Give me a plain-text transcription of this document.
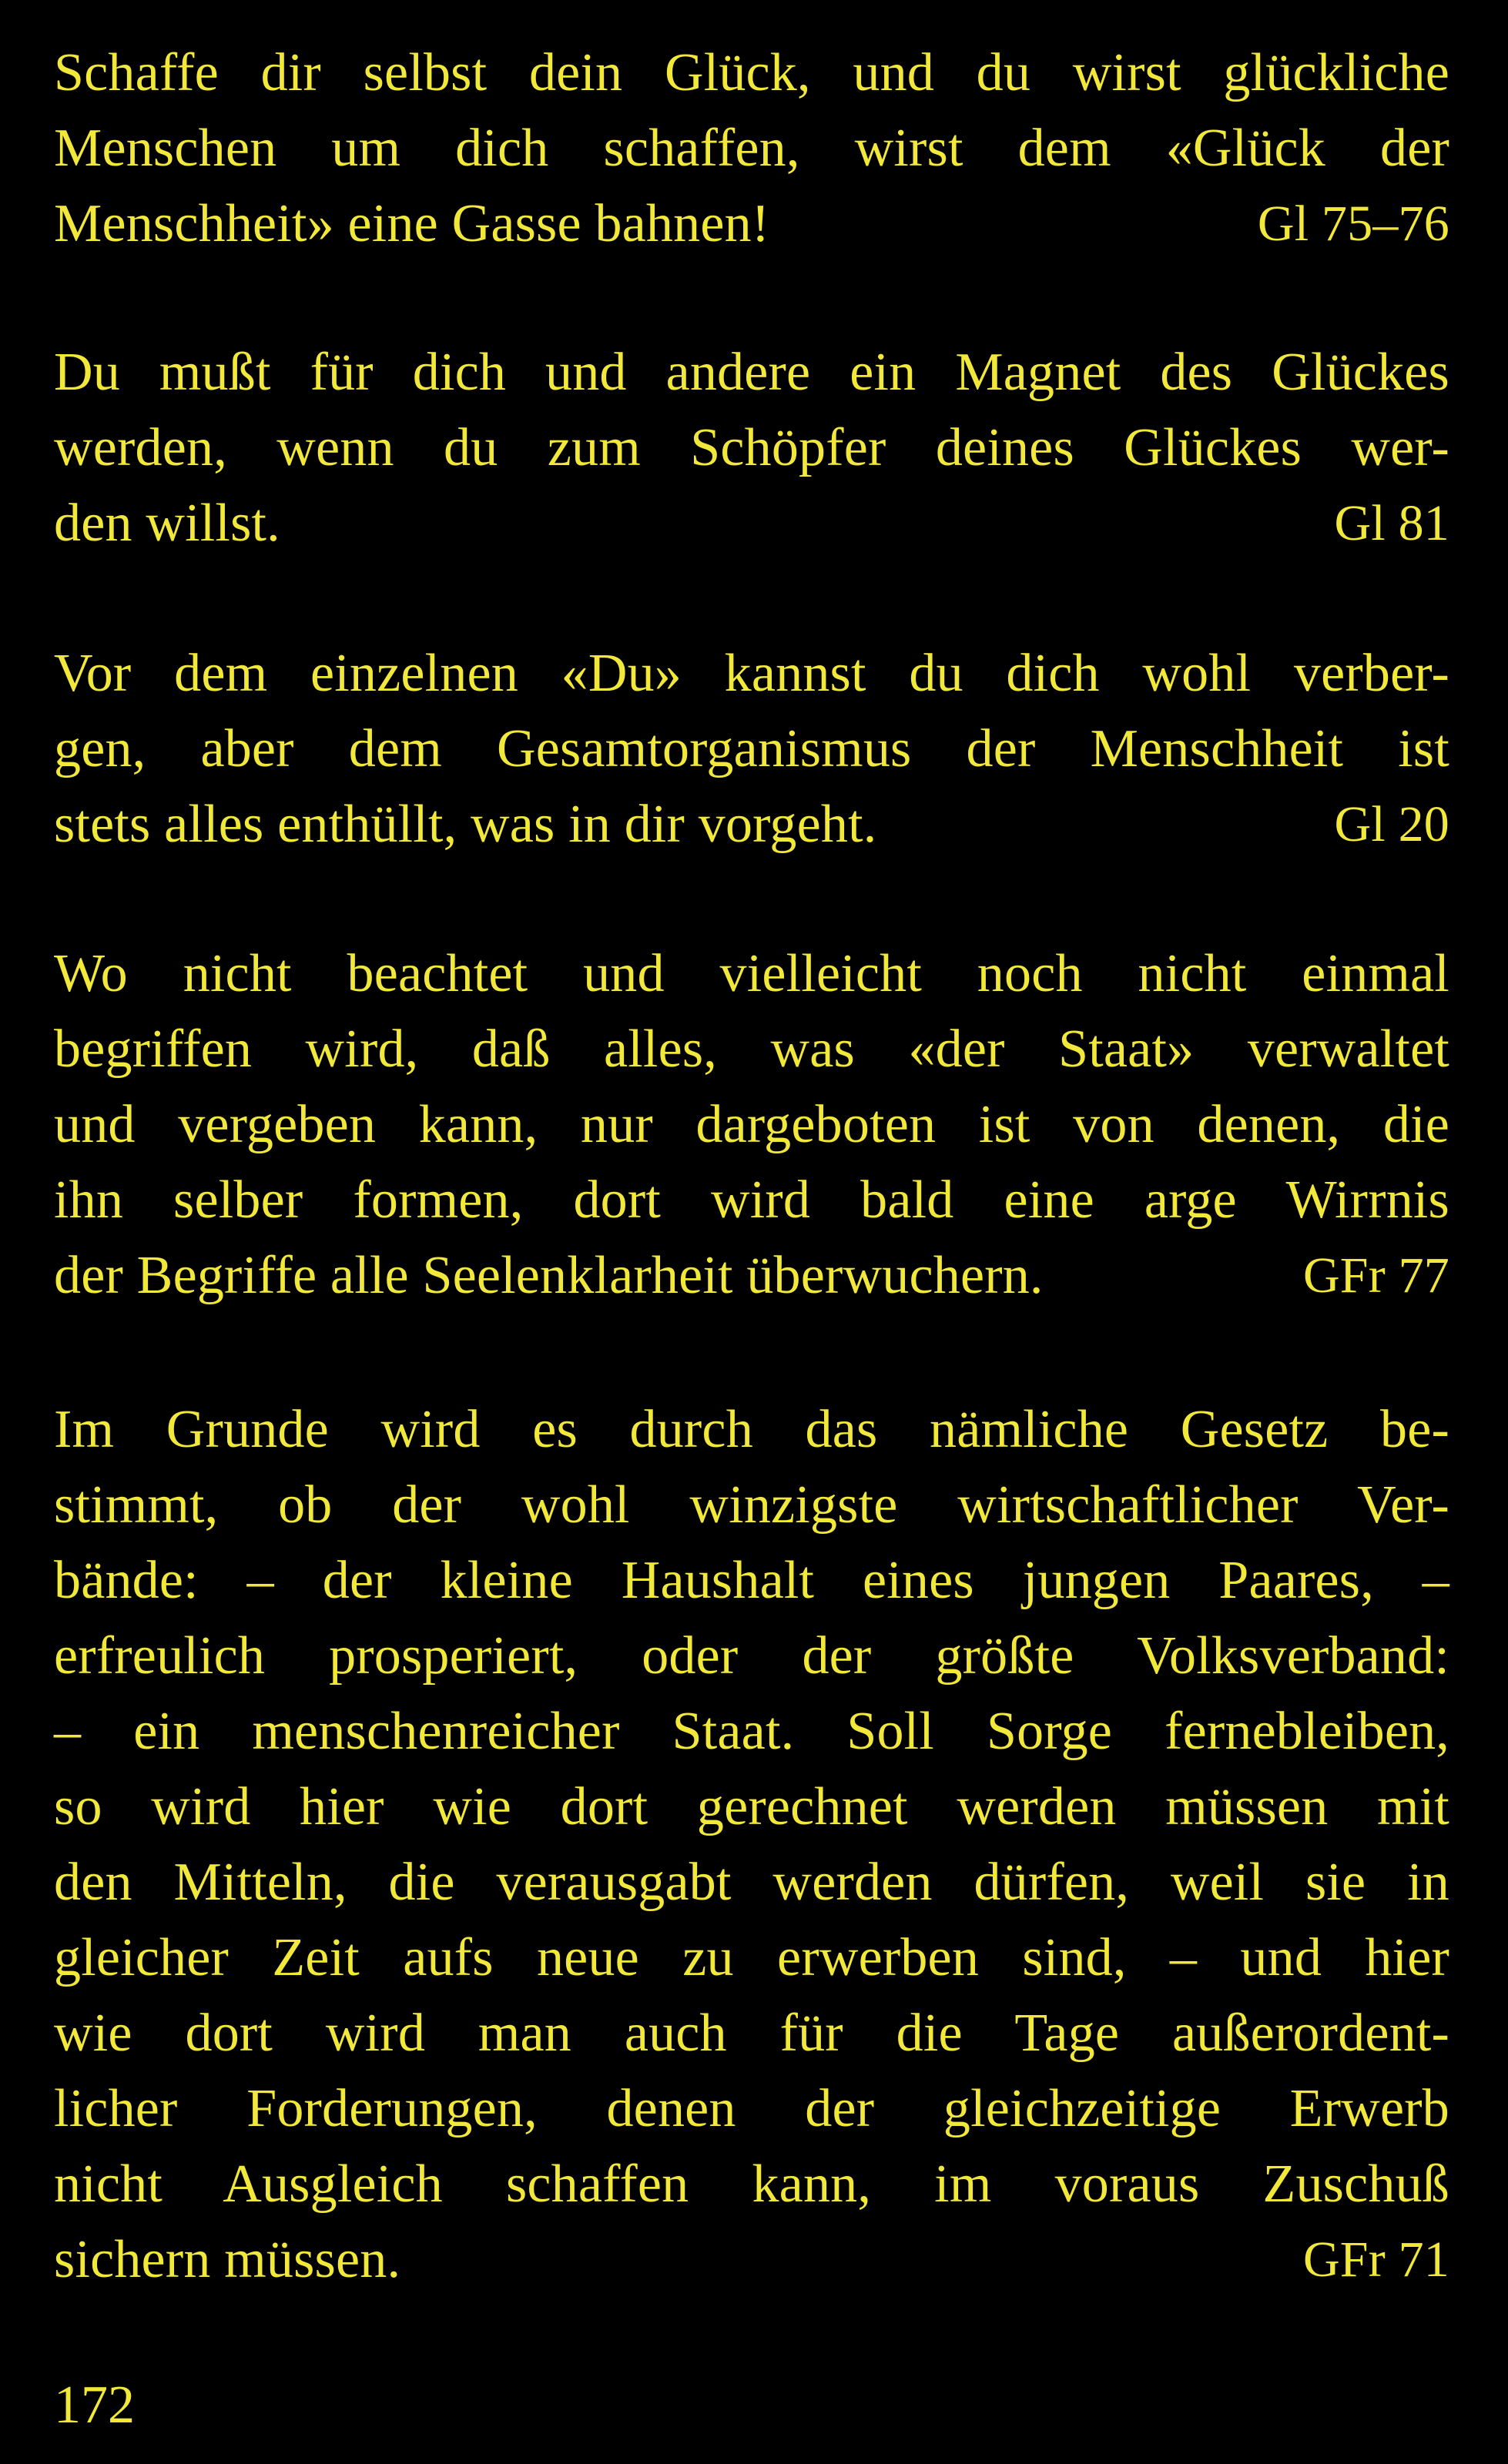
Schaffe dir selbst dein Glück, und du wirst glückliche
Menschen um dich schaffen, wirst dem «Glück der
Menschheit» eine Gasse bahnen!	Gl 75–76
Du mußt für dich und andere ein Magnet des Glückes
werden, wenn du zum Schöpfer deines Glückes wer-
den willst.	Gl 81
Vor dem einzelnen «Du» kannst du dich wohl verber-
gen, aber dem Gesamtorganismus der Menschheit ist
stets alles enthüllt, was in dir vorgeht.	Gl 20
Wo nicht beachtet und vielleicht noch nicht einmal
begriffen wird, daß alles, was «der Staat» verwaltet
und vergeben kann, nur dargeboten ist von denen, die
ihn selber formen, dort wird bald eine arge Wirrnis
der Begriffe alle Seelenklarheit überwuchern.	GFr 77
Im Grunde wird es durch das nämliche Gesetz be-
stimmt, ob der wohl winzigste wirtschaftlicher Ver-
bände: – der kleine Haushalt eines jungen Paares, –
erfreulich prosperiert, oder der größte Volksverband:
– ein menschenreicher Staat. Soll Sorge fernebleiben,
so wird hier wie dort gerechnet werden müssen mit
den Mitteln, die verausgabt werden dürfen, weil sie in
gleicher Zeit aufs neue zu erwerben sind, – und hier
wie dort wird man auch für die Tage außerordent-
licher Forderungen, denen der gleichzeitige Erwerb
nicht Ausgleich schaffen kann, im voraus Zuschuß
sichern müssen.	GFr 71
172
